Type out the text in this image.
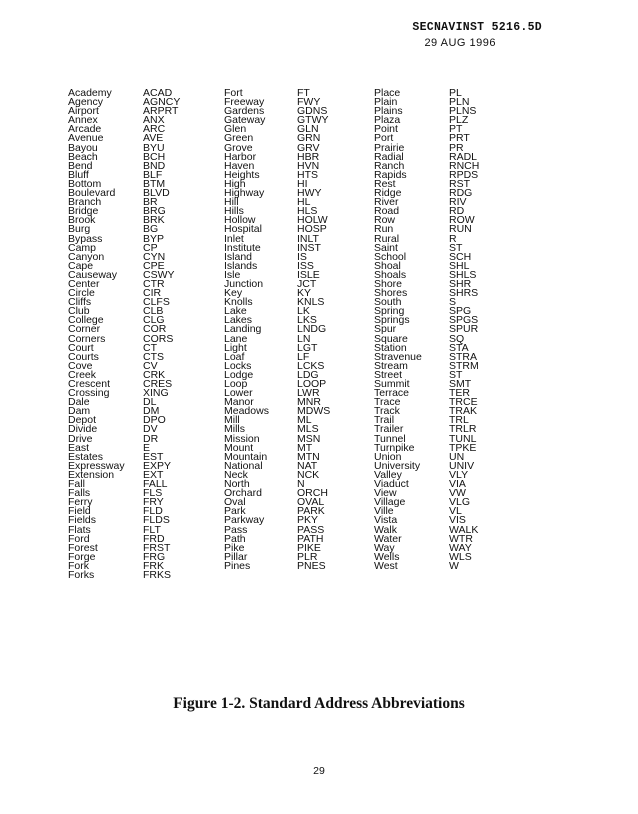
SECNAVINST 5216.5D
29 AUG 1996
Academy
Agency
Airport
Annex
Arcade
Avenue
Bayou
Beach
Bend
Bluff
Bottom
Boulevard
Branch
Bridge
Brook
Burg
Bypass
Camp
Canyon
Cape
Causeway
Center
Circle
Cliffs
Club
College
Corner
Corners
Court
Courts
Cove
Creek
Crescent
Crossing
Dale
Dam
Depot
Divide
Drive
East
Estates
Expressway
Extension
Fall
Falls
Ferry
Field
Fields
Flats
Ford
Forest
Forge
Fork
Forks
ACAD
AGNCY
ARPRT
ANX
ARC
AVE
BYU
BCH
BND
BLF
BTM
BLVD
BR
BRG
BRK
BG
BYP
CP
CYN
CPE
CSWY
CTR
CIR
CLFS
CLB
CLG
COR
CORS
CT
CTS
CV
CRK
CRES
XING
DL
DM
DPO
DV
DR
E
EST
EXPY
EXT
FALL
FLS
FRY
FLD
FLDS
FLT
FRD
FRST
FRG
FRK
FRKS
Fort
Freeway
Gardens
Gateway
Glen
Green
Grove
Harbor
Haven
Heights
High
Highway
Hill
Hills
Hollow
Hospital
Inlet
Institute
Island
Islands
Isle
Junction
Key
Knolls
Lake
Lakes
Landing
Lane
Light
Loaf
Locks
Lodge
Loop
Lower
Manor
Meadows
Mill
Mills
Mission
Mount
Mountain
National
Neck
North
Orchard
Oval
Park
Parkway
Pass
Path
Pike
Pillar
Pines
FT
FWY
GDNS
GTWY
GLN
GRN
GRV
HBR
HVN
HTS
HI
HWY
HL
HLS
HOLW
HOSP
INLT
INST
IS
ISS
ISLE
JCT
KY
KNLS
LK
LKS
LNDG
LN
LGT
LF
LCKS
LDG
LOOP
LWR
MNR
MDWS
ML
MLS
MSN
MT
MTN
NAT
NCK
N
ORCH
OVAL
PARK
PKY
PASS
PATH
PIKE
PLR
PNES
Place
Plain
Plains
Plaza
Point
Port
Prairie
Radial
Ranch
Rapids
Rest
Ridge
River
Road
Row
Run
Rural
Saint
School
Shoal
Shoals
Shore
Shores
South
Spring
Springs
Spur
Square
Station
Stravenue
Stream
Street
Summit
Terrace
Trace
Track
Trail
Trailer
Tunnel
Turnpike
Union
University
Valley
Viaduct
View
Village
Ville
Vista
Walk
Water
Way
Wells
West
PL
PLN
PLNS
PLZ
PT
PRT
PR
RADL
RNCH
RPDS
RST
RDG
RIV
RD
ROW
RUN
R
ST
SCH
SHL
SHLS
SHR
SHRS
S
SPG
SPGS
SPUR
SQ
STA
STRA
STRM
ST
SMT
TER
TRCE
TRAK
TRL
TRLR
TUNL
TPKE
UN
UNIV
VLY
VIA
VW
VLG
VL
VIS
WALK
WTR
WAY
WLS
W
Figure 1-2. Standard Address Abbreviations
29
